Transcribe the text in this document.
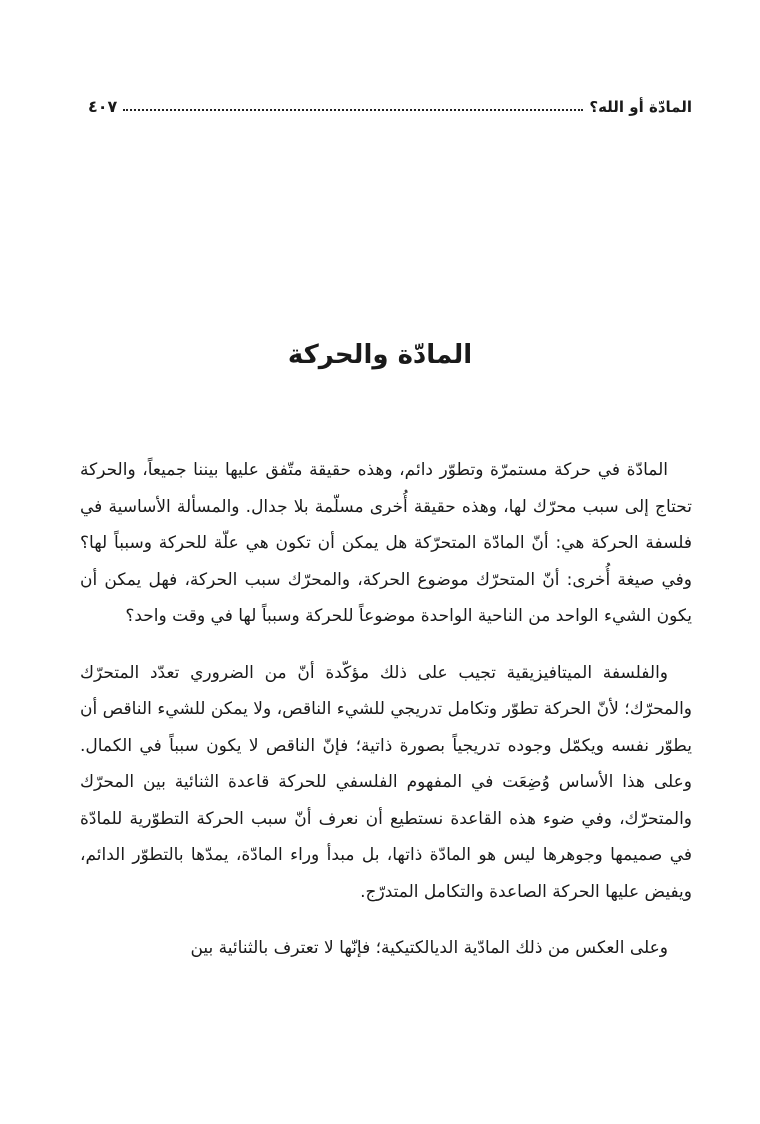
المادّة أو الله؟
٤٠٧
المادّة والحركة

المادّة في حركة مستمرّة وتطوّر دائم، وهذه حقيقة متّفق عليها بيننا جميعاً، والحركة تحتاج إلى سبب محرّك لها، وهذه حقيقة أُخرى مسلّمة بلا جدال. والمسألة الأساسية في فلسفة الحركة هي: أنّ المادّة المتحرّكة هل يمكن أن تكون هي علّة للحركة وسبباً لها؟ وفي صيغة أُخرى: أنّ المتحرّك موضوع الحركة، والمحرّك سبب الحركة، فهل يمكن أن يكون الشيء الواحد من الناحية الواحدة موضوعاً للحركة وسبباً لها في وقت واحد؟

والفلسفة الميتافيزيقية تجيب على ذلك مؤكّدة أنّ من الضروري تعدّد المتحرّك والمحرّك؛ لأنّ الحركة تطوّر وتكامل تدريجي للشيء الناقص، ولا يمكن للشيء الناقص أن يطوّر نفسه ويكمّل وجوده تدريجياً بصورة ذاتية؛ فإنّ الناقص لا يكون سبباً في الكمال. وعلى هذا الأساس وُضِعَت في المفهوم الفلسفي للحركة قاعدة الثنائية بين المحرّك والمتحرّك، وفي ضوء هذه القاعدة نستطيع أن نعرف أنّ سبب الحركة التطوّرية للمادّة في صميمها وجوهرها ليس هو المادّة ذاتها، بل مبدأ وراء المادّة، يمدّها بالتطوّر الدائم، ويفيض عليها الحركة الصاعدة والتكامل المتدرّج.

وعلى العكس من ذلك المادّية الديالكتيكية؛ فإنّها لا تعترف بالثنائية بين
